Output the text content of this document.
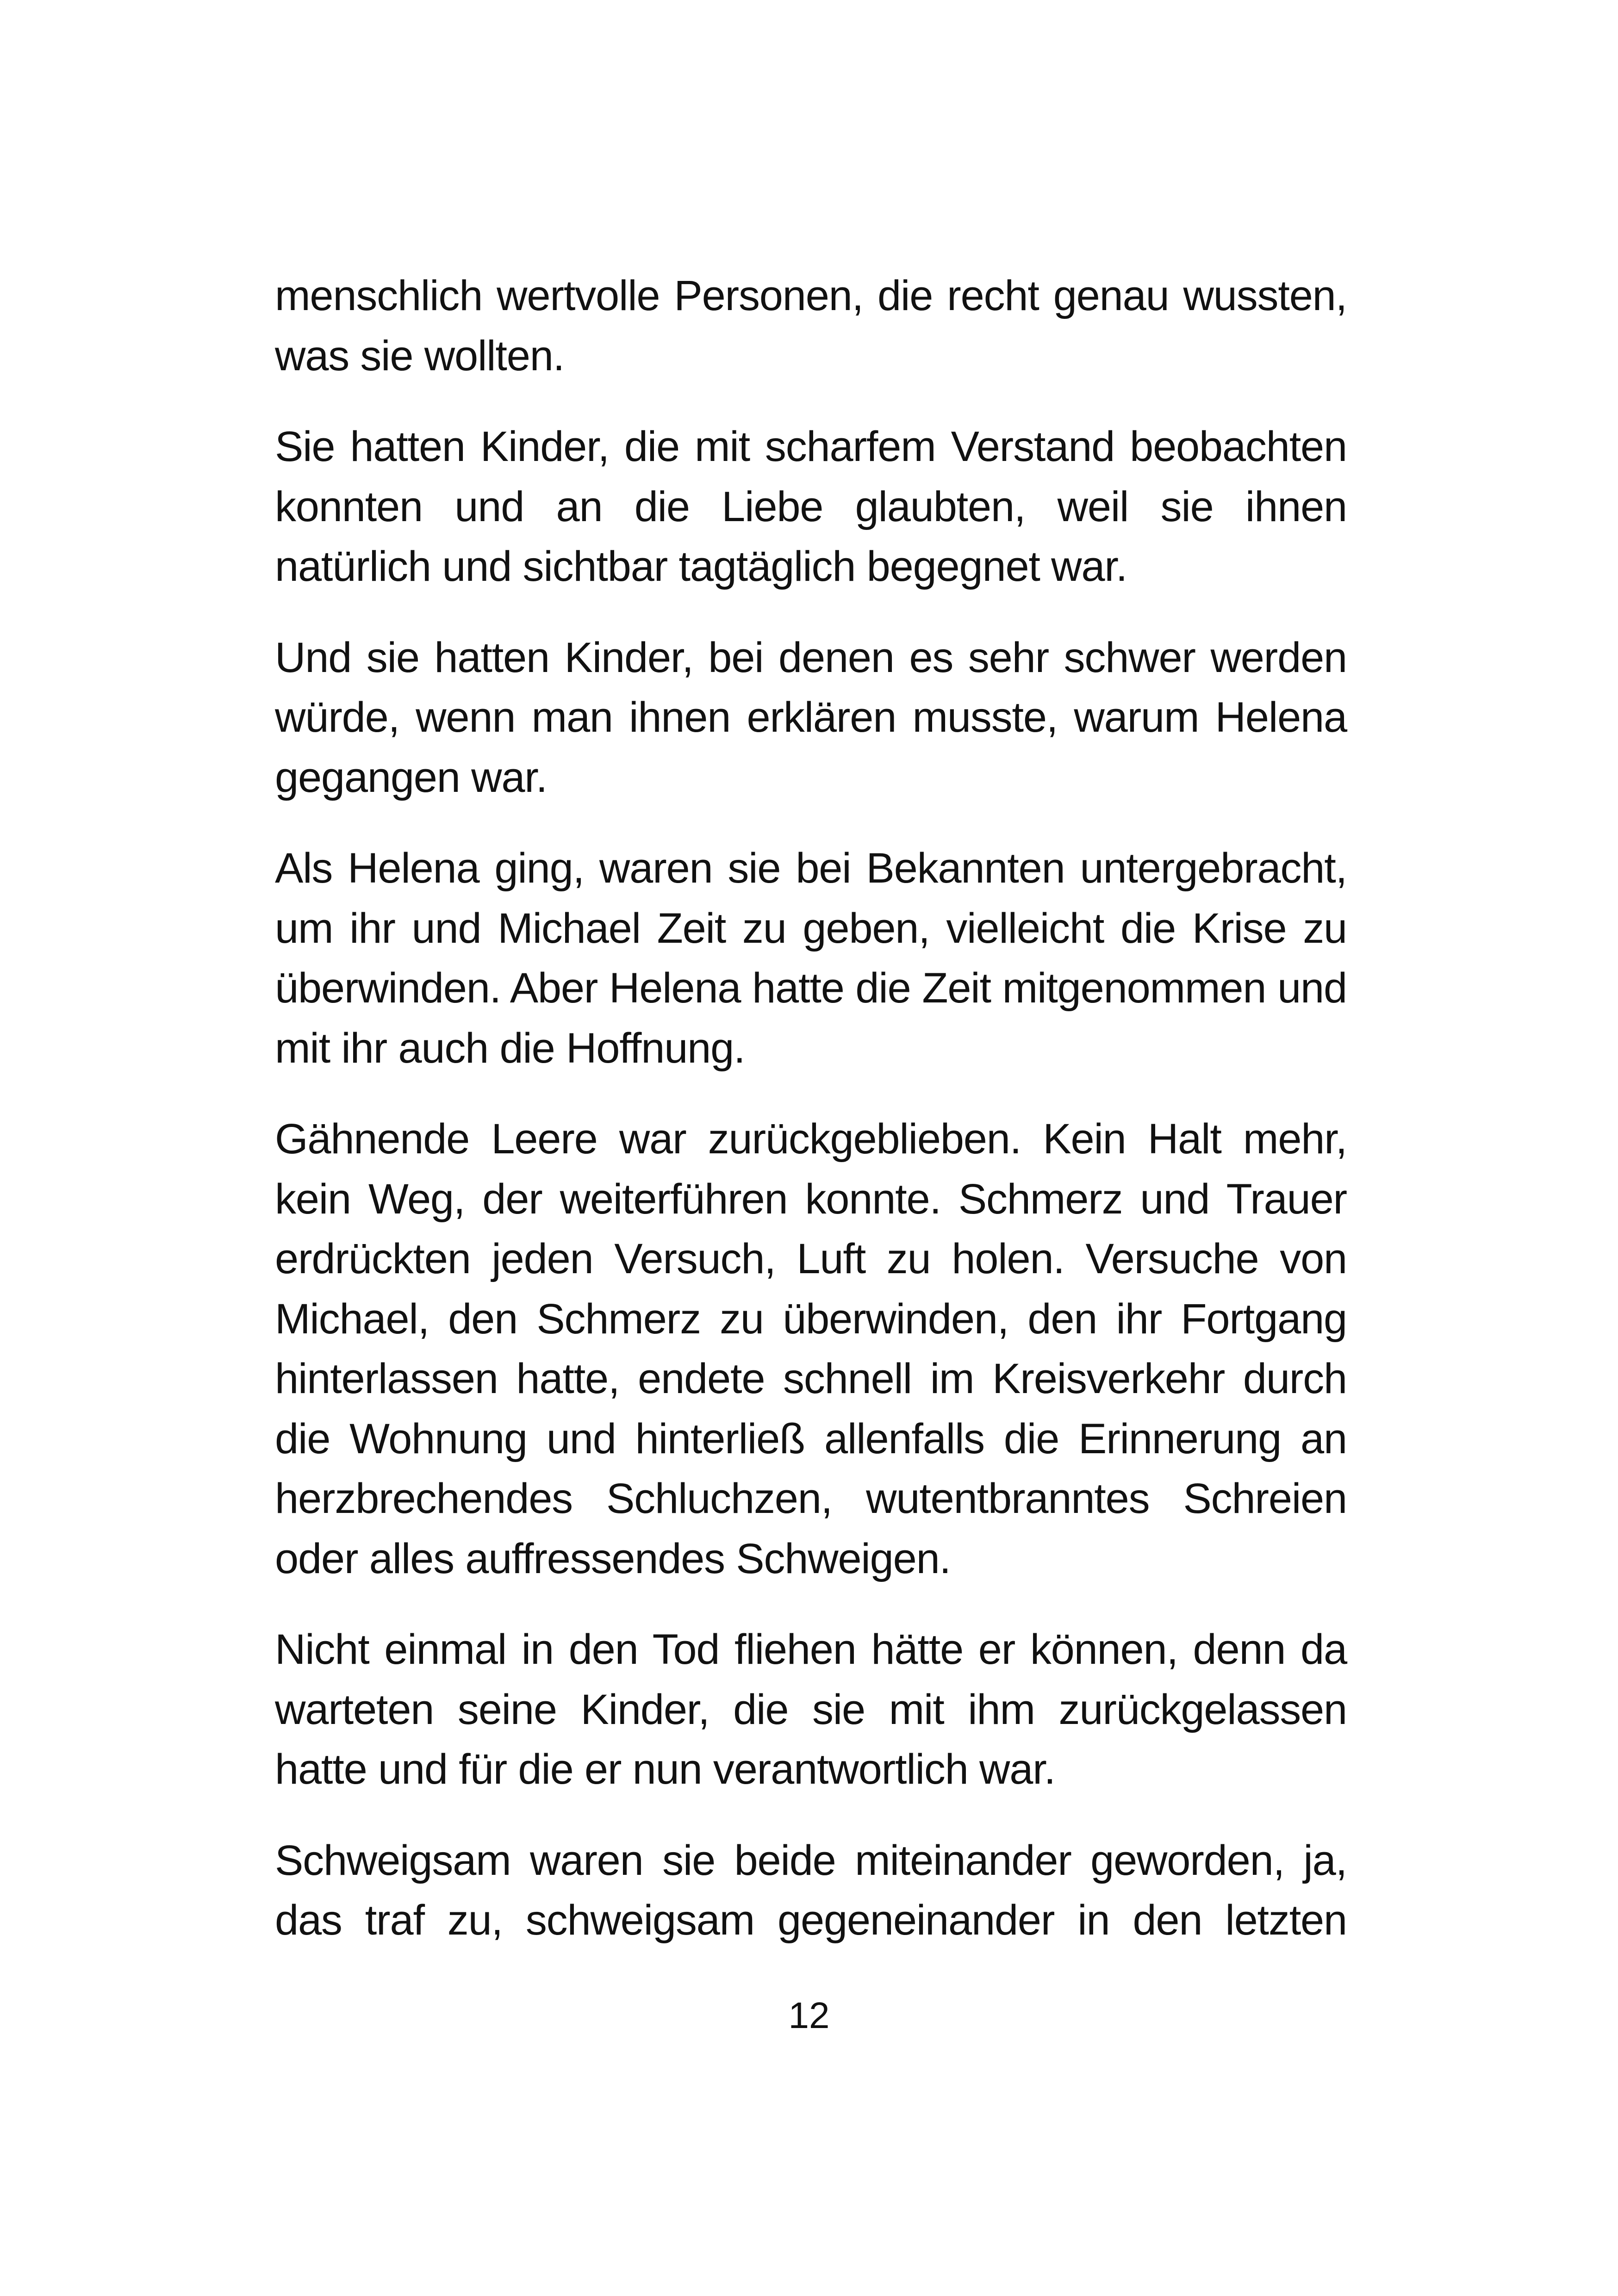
menschlich wertvolle Personen, die recht genau wussten, was sie wollten.

Sie hatten Kinder, die mit scharfem Verstand beobachten konnten und an die Liebe glaubten, weil sie ihnen natürlich und sichtbar tagtäglich begegnet war.

Und sie hatten Kinder, bei denen es sehr schwer werden würde, wenn man ihnen erklären musste, warum Helena gegangen war.

Als Helena ging, waren sie bei Bekannten untergebracht, um ihr und Michael Zeit zu geben, vielleicht die Krise zu überwinden. Aber Helena hatte die Zeit mitgenommen und mit ihr auch die Hoffnung.

Gähnende Leere war zurückgeblieben. Kein Halt mehr, kein Weg, der weiterführen konnte. Schmerz und Trauer erdrückten jeden Versuch, Luft zu holen. Versuche von Michael, den Schmerz zu überwinden, den ihr Fortgang hinterlassen hatte, endete schnell im Kreisverkehr durch die Wohnung und hinterließ allenfalls die Erinnerung an herzbrechendes Schluchzen, wutentbranntes Schreien oder alles auffressendes Schweigen.

Nicht einmal in den Tod fliehen hätte er können, denn da warteten seine Kinder, die sie mit ihm zurückgelassen hatte und für die er nun verantwortlich war.

Schweigsam waren sie beide miteinander geworden, ja, das traf zu, schweigsam gegeneinander in den letzten

12
